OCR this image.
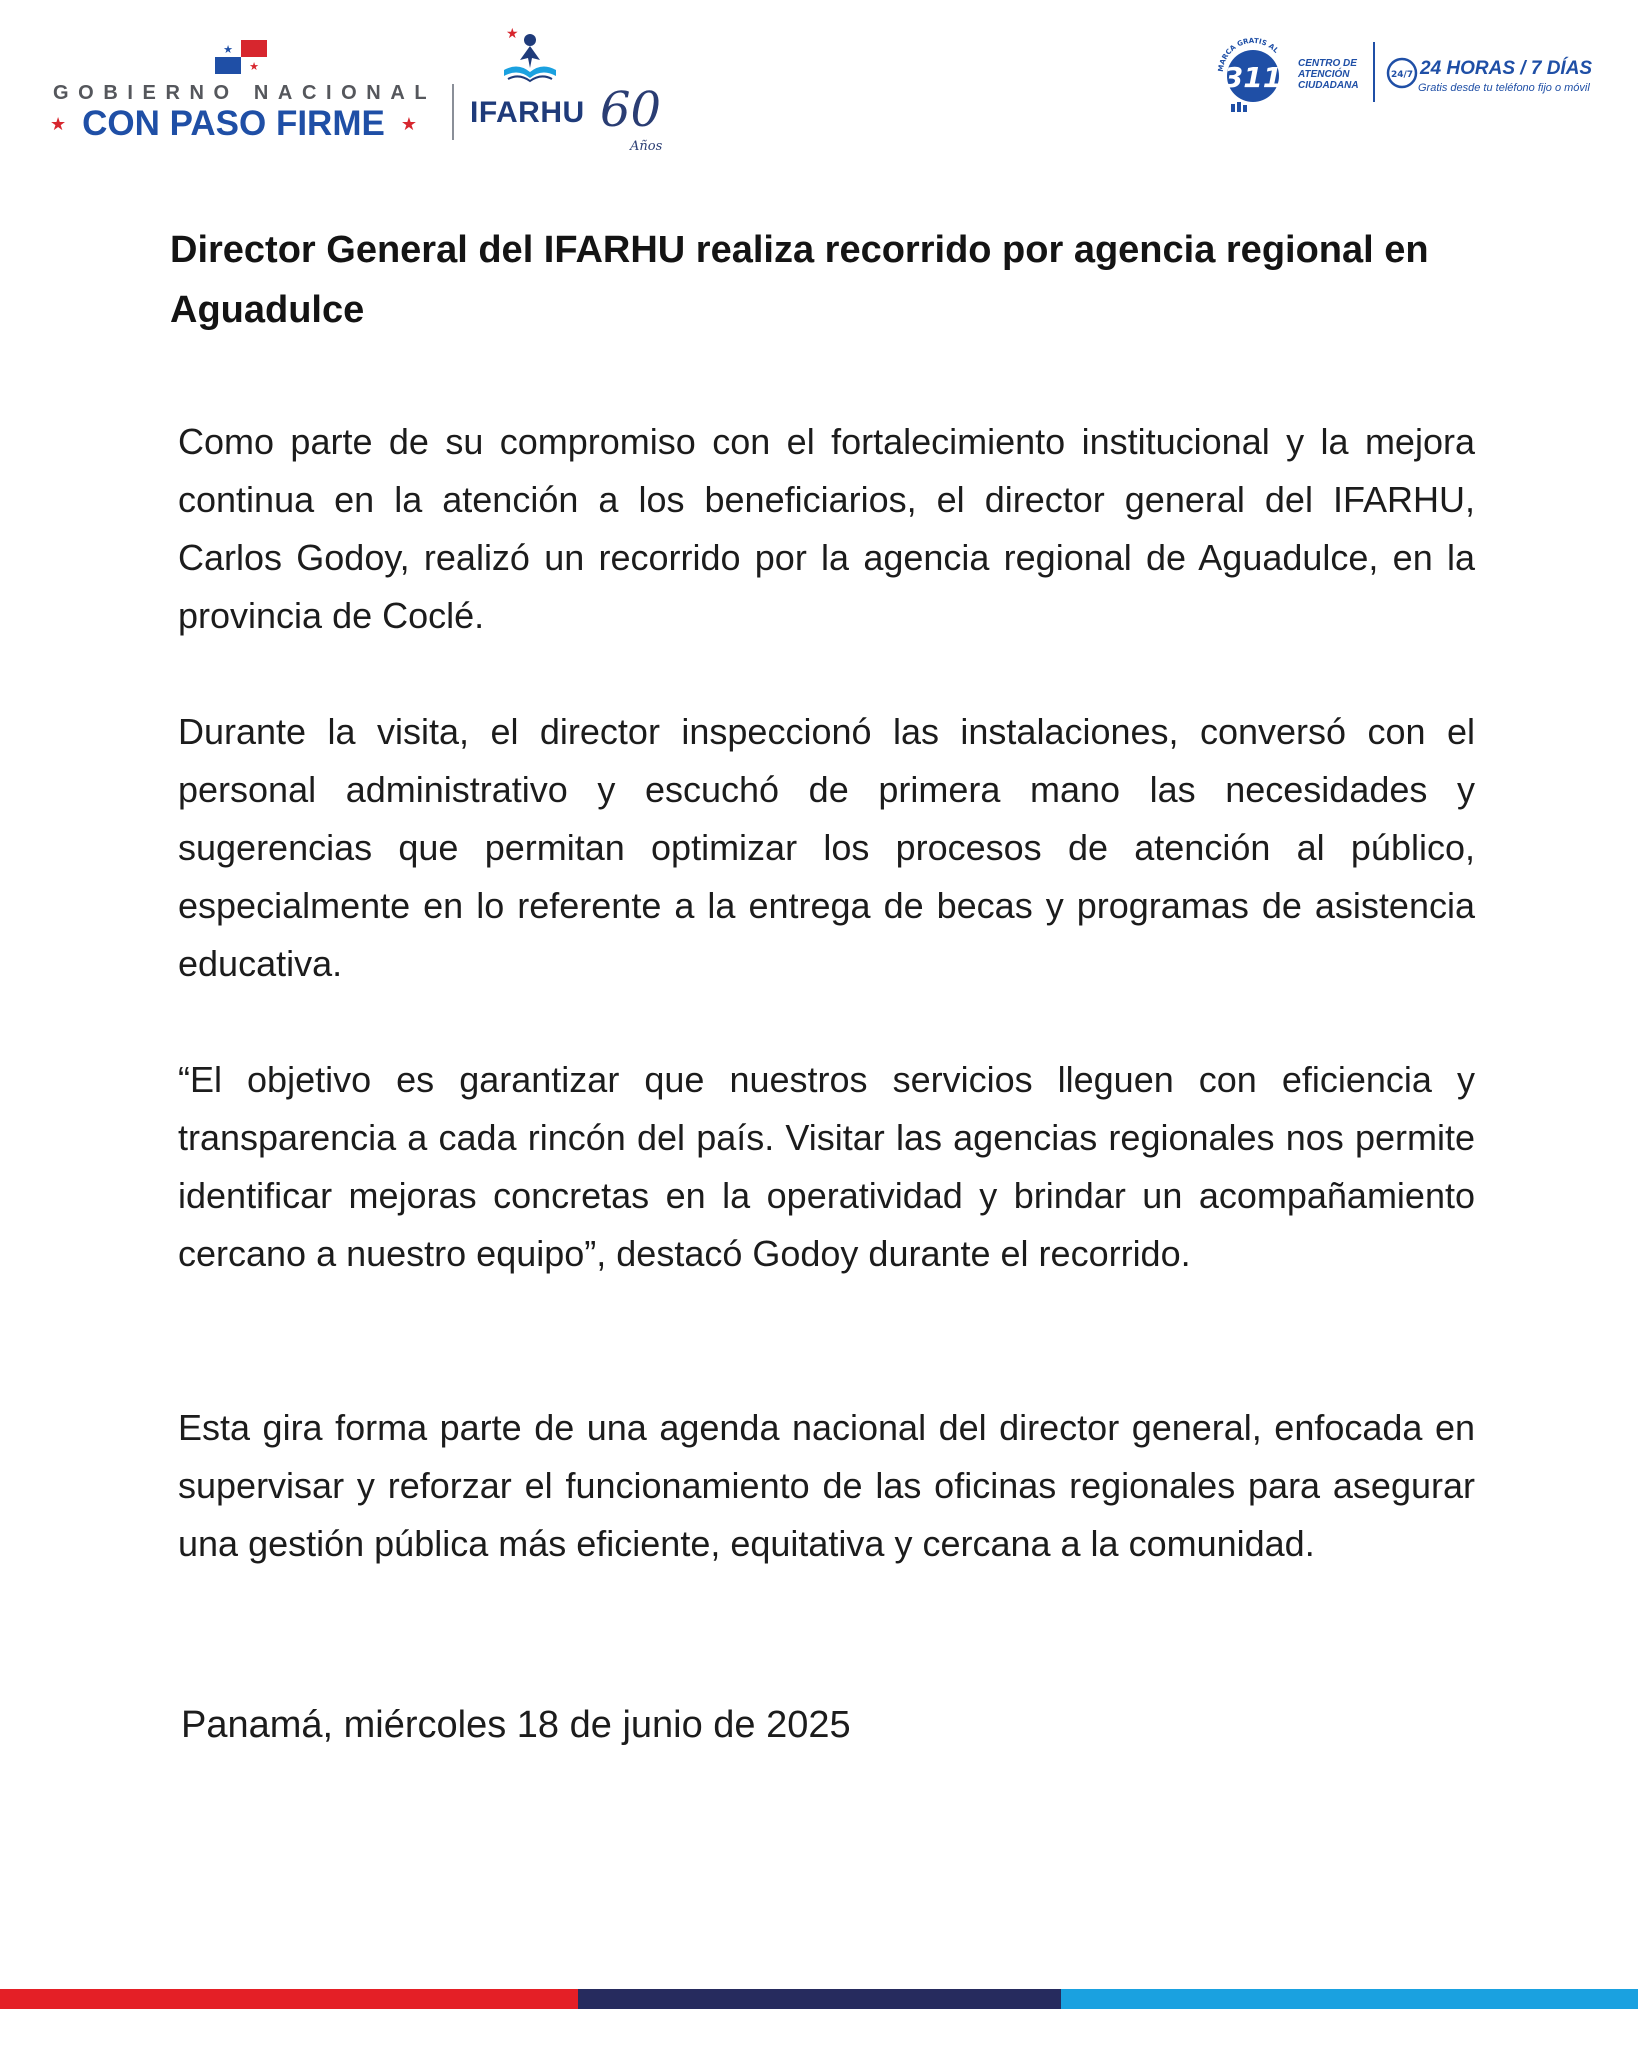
★
★
GOBIERNO NACIONAL
★ CON PASO FIRME ★
★
IFARHU 60
Años
MARCA GRATIS AL
311 CENTRO DE
ATENCIÓN
CIUDADANA
24/7 24 HORAS / 7 DÍAS
Gratis desde tu teléfono fijo o móvil
Director General del IFARHU realiza recorrido por agencia regional en Aguadulce

Como parte de su compromiso con el fortalecimiento institucional y la mejora continua en la atención a los beneficiarios, el director general del IFARHU, Carlos Godoy, realizó un recorrido por la agencia regional de Aguadulce, en la provincia de Coclé.

Durante la visita, el director inspeccionó las instalaciones, conversó con el personal administrativo y escuchó de primera mano las necesidades y sugerencias que permitan optimizar los procesos de atención al público, especialmente en lo referente a la entrega de becas y programas de asistencia educativa.

“El objetivo es garantizar que nuestros servicios lleguen con eficiencia y transparencia a cada rincón del país. Visitar las agencias regionales nos permite identificar mejoras concretas en la operatividad y brindar un acompañamiento cercano a nuestro equipo”, destacó Godoy durante el recorrido.

Esta gira forma parte de una agenda nacional del director general, enfocada en supervisar y reforzar el funcionamiento de las oficinas regionales para asegurar una gestión pública más eficiente, equitativa y cercana a la comunidad.

Panamá, miércoles 18 de junio de 2025
